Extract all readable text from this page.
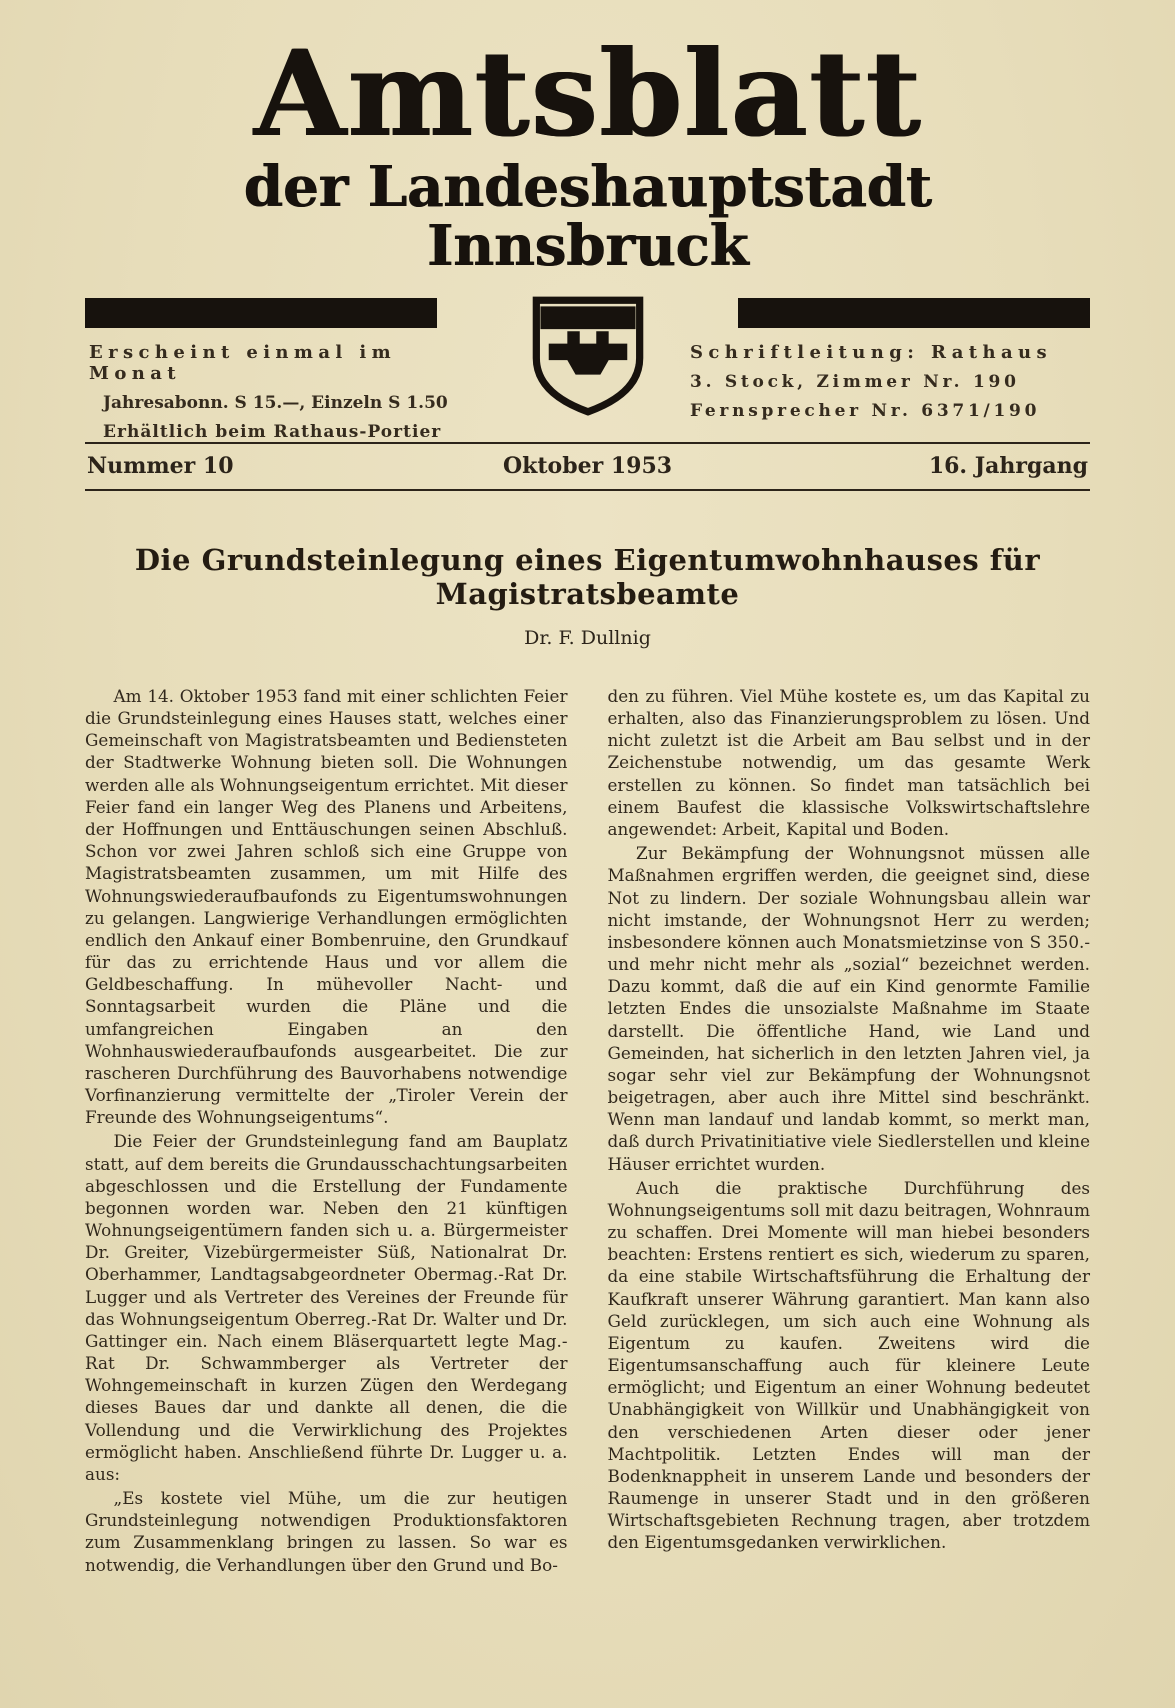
Amtsblatt
der Landeshauptstadt Innsbruck
Erscheint einmal im Monat
Jahresabonn. S 15.—, Einzeln S 1.50
Erhältlich beim Rathaus-Portier
Schriftleitung: Rathaus
3. Stock, Zimmer Nr. 190
Fernsprecher Nr. 6371/190
Nummer 10	Oktober 1953	16. Jahrgang
Die Grundsteinlegung eines Eigentumwohnhauses für Magistratsbeamte
Dr. F. Dullnig

Am 14. Oktober 1953 fand mit einer schlichten Feier die Grundsteinlegung eines Hauses statt, welches einer Gemeinschaft von Magistratsbeamten und Bediensteten der Stadtwerke Wohnung bieten soll. Die Wohnungen werden alle als Wohnungseigentum errichtet. Mit dieser Feier fand ein langer Weg des Planens und Arbeitens, der Hoffnungen und Enttäuschungen seinen Abschluß. Schon vor zwei Jahren schloß sich eine Gruppe von Magistratsbeamten zusammen, um mit Hilfe des Wohnungswiederaufbaufonds zu Eigentumswohnungen zu gelangen. Langwierige Verhandlungen ermöglichten endlich den Ankauf einer Bombenruine, den Grundkauf für das zu errichtende Haus und vor allem die Geldbeschaffung. In mühevoller Nacht- und Sonntagsarbeit wurden die Pläne und die umfangreichen Eingaben an den Wohnhauswiederaufbaufonds ausgearbeitet. Die zur rascheren Durchführung des Bauvorhabens notwendige Vorfinanzierung vermittelte der „Tiroler Verein der Freunde des Wohnungseigentums“.

Die Feier der Grundsteinlegung fand am Bauplatz statt, auf dem bereits die Grundausschachtungsarbeiten abgeschlossen und die Erstellung der Fundamente begonnen worden war. Neben den 21 künftigen Wohnungseigentümern fanden sich u. a. Bürgermeister Dr. Greiter, Vizebürgermeister Süß, Nationalrat Dr. Oberhammer, Landtagsabgeordneter Obermag.-Rat Dr. Lugger und als Vertreter des Vereines der Freunde für das Wohnungseigentum Oberreg.-Rat Dr. Walter und Dr. Gattinger ein. Nach einem Bläserquartett legte Mag.-Rat Dr. Schwammberger als Vertreter der Wohngemeinschaft in kurzen Zügen den Werdegang dieses Baues dar und dankte all denen, die die Vollendung und die Verwirklichung des Projektes ermöglicht haben. Anschließend führte Dr. Lugger u. a. aus:

„Es kostete viel Mühe, um die zur heutigen Grundsteinlegung notwendigen Produktionsfaktoren zum Zusammenklang bringen zu lassen. So war es notwendig, die Verhandlungen über den Grund und Bo-

den zu führen. Viel Mühe kostete es, um das Kapital zu erhalten, also das Finanzierungsproblem zu lösen. Und nicht zuletzt ist die Arbeit am Bau selbst und in der Zeichenstube notwendig, um das gesamte Werk erstellen zu können. So findet man tatsächlich bei einem Baufest die klassische Volkswirtschaftslehre angewendet: Arbeit, Kapital und Boden.

Zur Bekämpfung der Wohnungsnot müssen alle Maßnahmen ergriffen werden, die geeignet sind, diese Not zu lindern. Der soziale Wohnungsbau allein war nicht imstande, der Wohnungsnot Herr zu werden; insbesondere können auch Monatsmietzinse von S 350.- und mehr nicht mehr als „sozial“ bezeichnet werden. Dazu kommt, daß die auf ein Kind genormte Familie letzten Endes die unsozialste Maßnahme im Staate darstellt. Die öffentliche Hand, wie Land und Gemeinden, hat sicherlich in den letzten Jahren viel, ja sogar sehr viel zur Bekämpfung der Wohnungsnot beigetragen, aber auch ihre Mittel sind beschränkt. Wenn man landauf und landab kommt, so merkt man, daß durch Privatinitiative viele Siedlerstellen und kleine Häuser errichtet wurden.

Auch die praktische Durchführung des Wohnungseigentums soll mit dazu beitragen, Wohnraum zu schaffen. Drei Momente will man hiebei besonders beachten: Erstens rentiert es sich, wiederum zu sparen, da eine stabile Wirtschaftsführung die Erhaltung der Kaufkraft unserer Währung garantiert. Man kann also Geld zurücklegen, um sich auch eine Wohnung als Eigentum zu kaufen. Zweitens wird die Eigentumsanschaffung auch für kleinere Leute ermöglicht; und Eigentum an einer Wohnung bedeutet Unabhängigkeit von Willkür und Unabhängigkeit von den verschiedenen Arten dieser oder jener Machtpolitik. Letzten Endes will man der Bodenknappheit in unserem Lande und besonders der Raumenge in unserer Stadt und in den größeren Wirtschaftsgebieten Rechnung tragen, aber trotzdem den Eigentumsgedanken verwirklichen.
